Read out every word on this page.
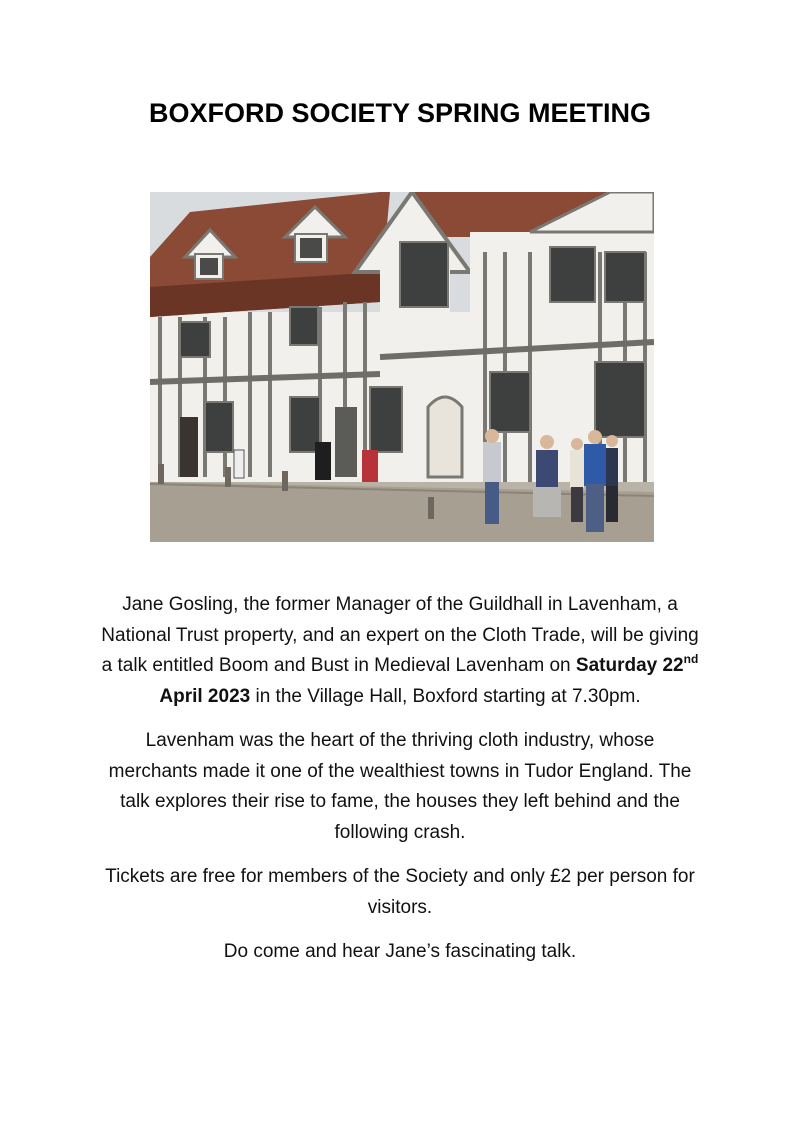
BOXFORD SOCIETY SPRING MEETING

Jane Gosling, the former Manager of the Guildhall in Lavenham, a National Trust property, and an expert on the Cloth Trade, will be giving a talk entitled Boom and Bust in Medieval Lavenham on Saturday 22nd April 2023 in the Village Hall, Boxford starting at 7.30pm.

Lavenham was the heart of the thriving cloth industry, whose merchants made it one of the wealthiest towns in Tudor England. The talk explores their rise to fame, the houses they left behind and the following crash.

Tickets are free for members of the Society and only £2 per person for visitors.

Do come and hear Jane’s fascinating talk.
